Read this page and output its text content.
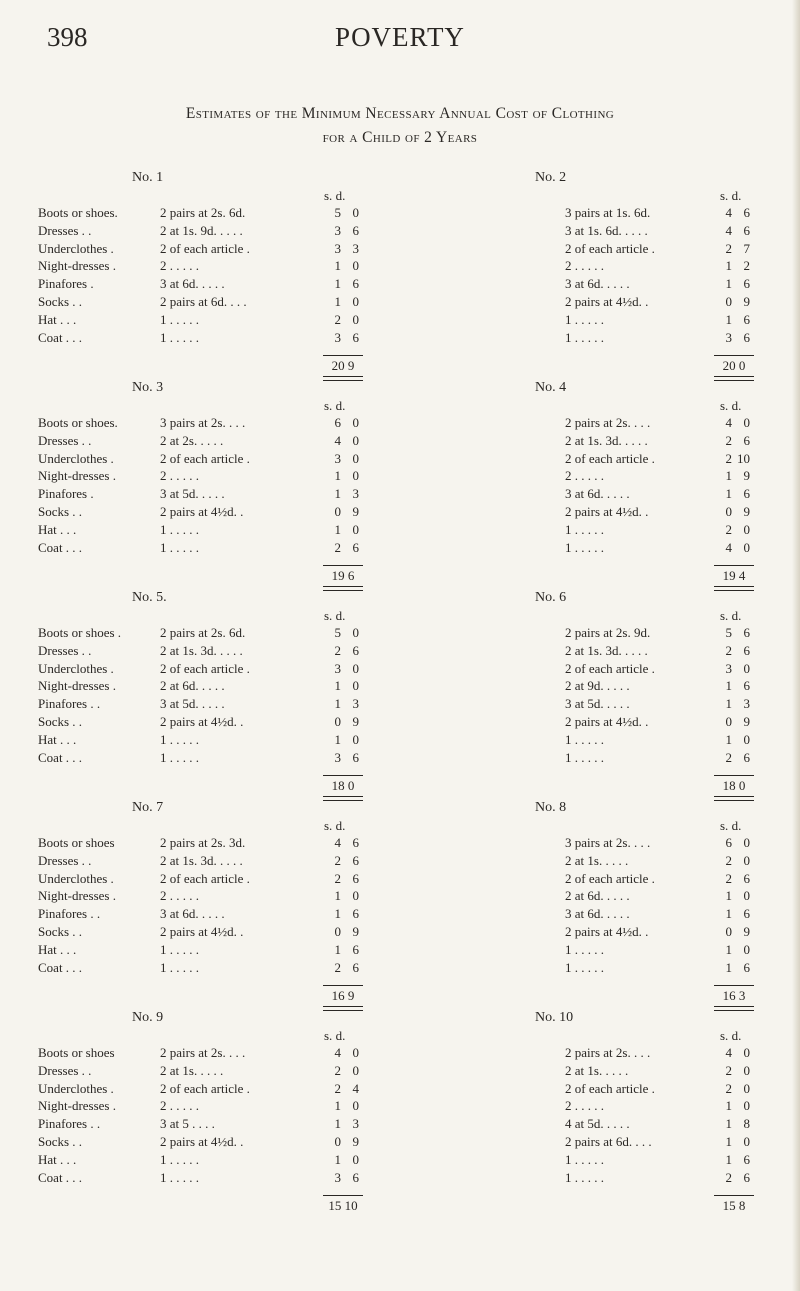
398	POVERTY
Estimates of the Minimum Necessary Annual Cost of Clothing
for a Child of 2 Years
No. 1
s. d.
No. 2
s. d.
Boots or shoes.	2 pairs at 2s. 6d.	5 0	3 pairs at 1s. 6d.	4 6
Dresses . .	2 at 1s. 9d. . . . .	3 6	3 at 1s. 6d. . . . .	4 6
Underclothes .	2 of each article .	3 3	2 of each article .	2 7
Night-dresses .	2 . . . . .	1 0	2 . . . . .	1 2
Pinafores .	3 at 6d. . . . .	1 6	3 at 6d. . . . .	1 6
Socks . .	2 pairs at 6d. . . .	1 0	2 pairs at 4½d. .	0 9
Hat . . .	1 . . . . .	2 0	1 . . . . .	1 6
Coat . . .	1 . . . . .	3 6	1 . . . . .	3 6
20 9	20 0
No. 3
s. d.
No. 4
s. d.
Boots or shoes.	3 pairs at 2s. . . .	6 0	2 pairs at 2s. . . .	4 0
Dresses . .	2 at 2s. . . . .	4 0	2 at 1s. 3d. . . . .	2 6
Underclothes .	2 of each article .	3 0	2 of each article .	2 10
Night-dresses .	2 . . . . .	1 0	2 . . . . .	1 9
Pinafores .	3 at 5d. . . . .	1 3	3 at 6d. . . . .	1 6
Socks . .	2 pairs at 4½d. .	0 9	2 pairs at 4½d. .	0 9
Hat . . .	1 . . . . .	1 0	1 . . . . .	2 0
Coat . . .	1 . . . . .	2 6	1 . . . . .	4 0
19 6	19 4
No. 5.
s. d.
No. 6
s. d.
Boots or shoes .	2 pairs at 2s. 6d.	5 0	2 pairs at 2s. 9d.	5 6
Dresses . .	2 at 1s. 3d. . . . .	2 6	2 at 1s. 3d. . . . .	2 6
Underclothes .	2 of each article .	3 0	2 of each article .	3 0
Night-dresses .	2 at 6d. . . . .	1 0	2 at 9d. . . . .	1 6
Pinafores . .	3 at 5d. . . . .	1 3	3 at 5d. . . . .	1 3
Socks . .	2 pairs at 4½d. .	0 9	2 pairs at 4½d. .	0 9
Hat . . .	1 . . . . .	1 0	1 . . . . .	1 0
Coat . . .	1 . . . . .	3 6	1 . . . . .	2 6
18 0	18 0
No. 7
s. d.
No. 8
s. d.
Boots or shoes	2 pairs at 2s. 3d.	4 6	3 pairs at 2s. . . .	6 0
Dresses . .	2 at 1s. 3d. . . . .	2 6	2 at 1s. . . . .	2 0
Underclothes .	2 of each article .	2 6	2 of each article .	2 6
Night-dresses .	2 . . . . .	1 0	2 at 6d. . . . .	1 0
Pinafores . .	3 at 6d. . . . .	1 6	3 at 6d. . . . .	1 6
Socks . .	2 pairs at 4½d. .	0 9	2 pairs at 4½d. .	0 9
Hat . . .	1 . . . . .	1 6	1 . . . . .	1 0
Coat . . .	1 . . . . .	2 6	1 . . . . .	1 6
16 9	16 3
No. 9
s. d.
No. 10
s. d.
Boots or shoes	2 pairs at 2s. . . .	4 0	2 pairs at 2s. . . .	4 0
Dresses . .	2 at 1s. . . . .	2 0	2 at 1s. . . . .	2 0
Underclothes .	2 of each article .	2 4	2 of each article .	2 0
Night-dresses .	2 . . . . .	1 0	2 . . . . .	1 0
Pinafores . .	3 at 5 . . . .	1 3	4 at 5d. . . . .	1 8
Socks . .	2 pairs at 4½d. .	0 9	2 pairs at 6d. . . .	1 0
Hat . . .	1 . . . . .	1 0	1 . . . . .	1 6
Coat . . .	1 . . . . .	3 6	1 . . . . .	2 6
15 10	15 8
